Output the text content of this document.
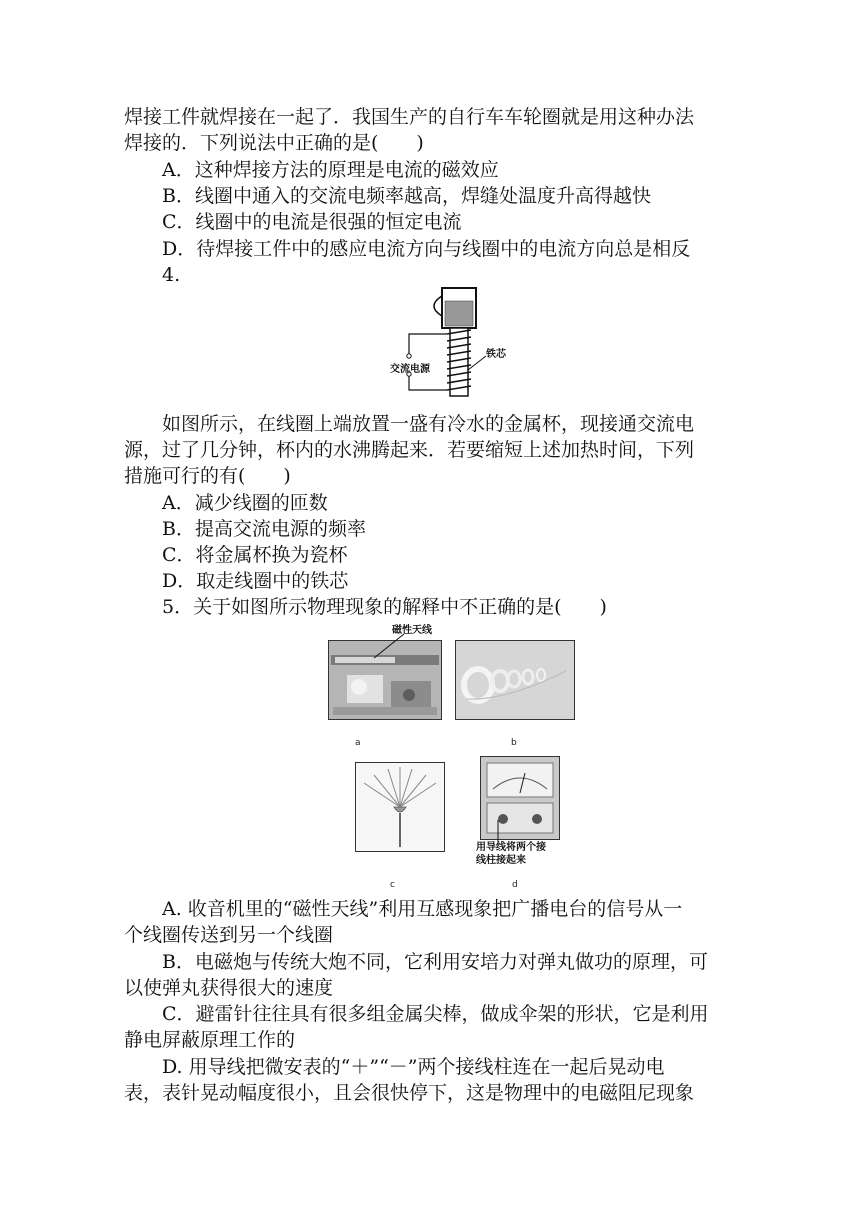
焊接工件就焊接在一起了．我国生产的自行车车轮圈就是用这种办法
焊接的．下列说法中正确的是(　　)
A．这种焊接方法的原理是电流的磁效应
B．线圈中通入的交流电频率越高，焊缝处温度升高得越快
C．线圈中的电流是很强的恒定电流
D．待焊接工件中的感应电流方向与线圈中的电流方向总是相反
4.
交流电源
铁芯
如图所示，在线圈上端放置一盛有冷水的金属杯，现接通交流电
源，过了几分钟，杯内的水沸腾起来．若要缩短上述加热时间，下列
措施可行的有(　　)
A．减少线圈的匝数
B．提高交流电源的频率
C．将金属杯换为瓷杯
D．取走线圈中的铁芯
5．关于如图所示物理现象的解释中不正确的是(　　)
磁性天线
a	b
c
用导线将两个接
线柱接起来
d
A. 收音机里的“磁性天线”利用互感现象把广播电台的信号从一
个线圈传送到另一个线圈
B．电磁炮与传统大炮不同，它利用安培力对弹丸做功的原理，可
以使弹丸获得很大的速度
C．避雷针往往具有很多组金属尖棒，做成伞架的形状，它是利用
静电屏蔽原理工作的
D. 用导线把微安表的“＋”“－”两个接线柱连在一起后晃动电
表，表针晃动幅度很小，且会很快停下，这是物理中的电磁阻尼现象
